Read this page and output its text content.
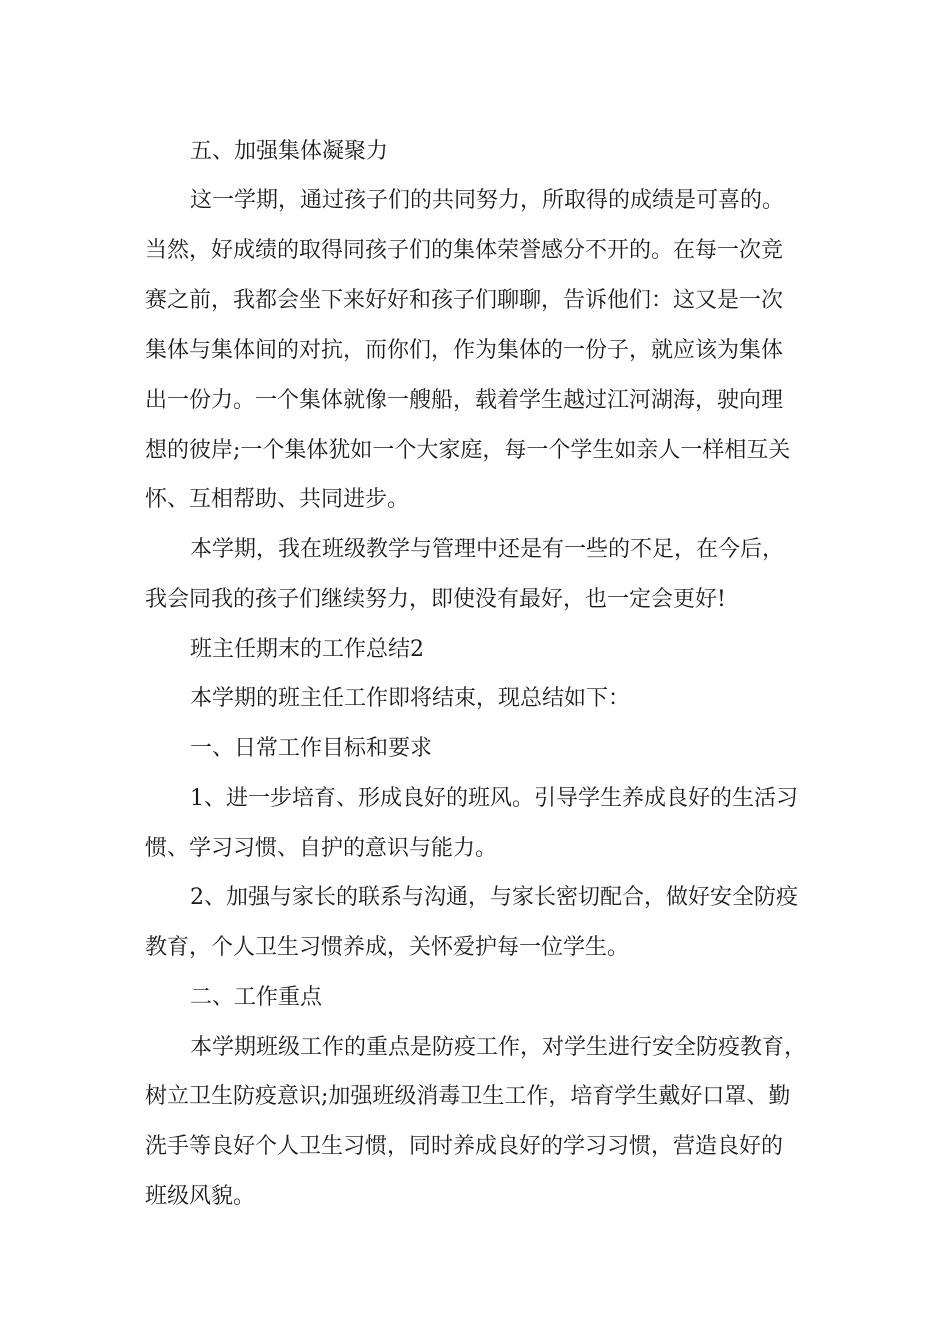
五、加强集体凝聚力
这一学期，通过孩子们的共同努力，所取得的成绩是可喜的。
当然，好成绩的取得同孩子们的集体荣誉感分不开的。在每一次竞
赛之前，我都会坐下来好好和孩子们聊聊，告诉他们：这又是一次
集体与集体间的对抗，而你们，作为集体的一份子，就应该为集体
出一份力。一个集体就像一艘船，载着学生越过江河湖海，驶向理
想的彼岸;一个集体犹如一个大家庭，每一个学生如亲人一样相互关
怀、互相帮助、共同进步。
本学期，我在班级教学与管理中还是有一些的不足，在今后，
我会同我的孩子们继续努力，即使没有最好，也一定会更好!
班主任期末的工作总结2
本学期的班主任工作即将结束，现总结如下：
一、日常工作目标和要求
1、进一步培育、形成良好的班风。引导学生养成良好的生活习
惯、学习习惯、自护的意识与能力。
2、加强与家长的联系与沟通，与家长密切配合，做好安全防疫
教育，个人卫生习惯养成，关怀爱护每一位学生。
二、工作重点
本学期班级工作的重点是防疫工作，对学生进行安全防疫教育，
树立卫生防疫意识;加强班级消毒卫生工作，培育学生戴好口罩、勤
洗手等良好个人卫生习惯，同时养成良好的学习习惯，营造良好的
班级风貌。
